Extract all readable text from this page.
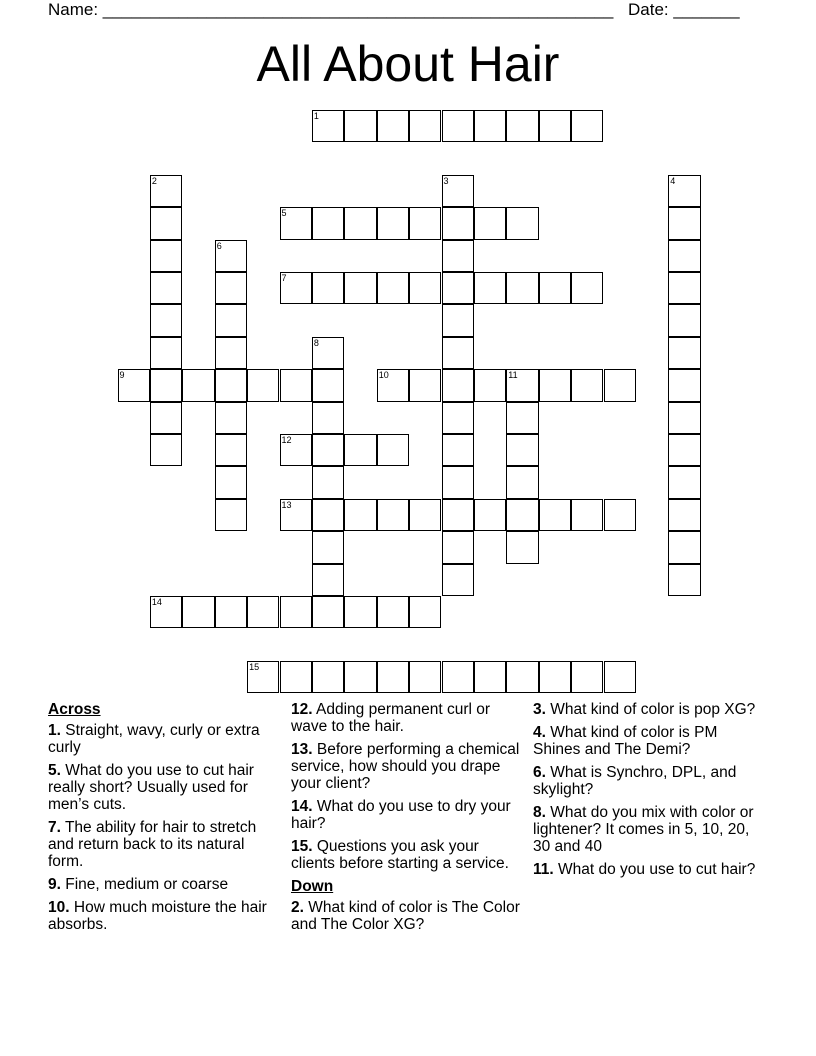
Name: ______________________________________________________ Date: _______
All About Hair
1
5
7
9	10	11
12
13
14
15
2	3	4
6
8
Across
1. Straight, wavy, curly or extra curly
5. What do you use to cut hair really short? Usually used for men’s cuts.
7. The ability for hair to stretch and return back to its natural form.
9. Fine, medium or coarse
10. How much moisture the hair absorbs.
12. Adding permanent curl or wave to the hair.
13. Before performing a chemical service, how should you drape your client?
14. What do you use to dry your hair?
15. Questions you ask your clients before starting a service.
Down
2. What kind of color is The Color and The Color XG?
3. What kind of color is pop XG?
4. What kind of color is PM Shines and The Demi?
6. What is Synchro, DPL, and skylight?
8. What do you mix with color or lightener? It comes in 5, 10, 20, 30 and 40
11. What do you use to cut hair?
